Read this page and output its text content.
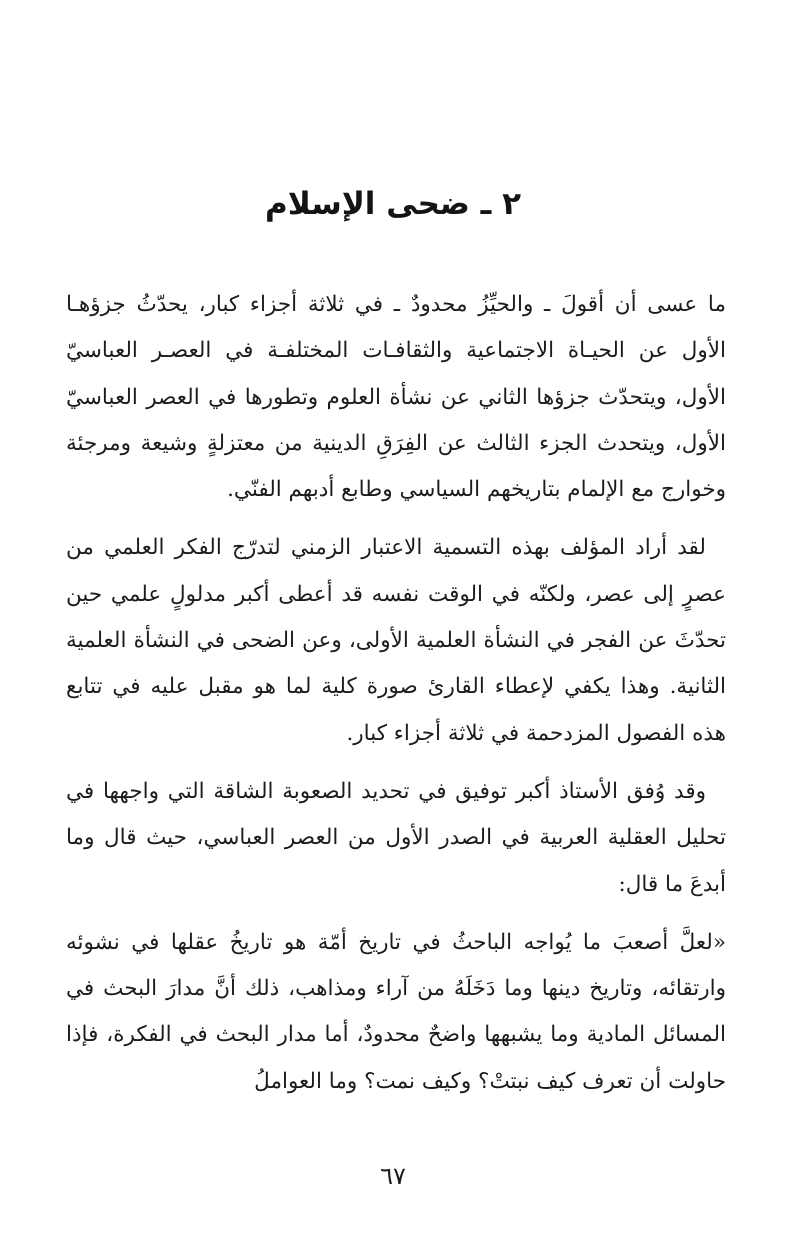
٢ ـ ضحى الإسلام

ما عسى أن أقولَ ـ والحيِّزُ محدودٌ ـ في ثلاثة أجزاء كبار، يحدّثُ جزؤهـا الأول عن الحيـاة الاجتماعية والثقافـات المختلفـة في العصـر العباسيّ الأول، ويتحدّث جزؤها الثاني عن نشأة العلوم وتطورها في العصر العباسيّ الأول، ويتحدث الجزء الثالث عن الفِرَقِ الدينية من معتزلةٍ وشيعة ومرجئة وخوارج مع الإلمام بتاريخهم السياسي وطابع أدبهم الفنّي.

لقد أراد المؤلف بهذه التسمية الاعتبار الزمني لتدرّج الفكر العلمي من عصرٍ إلى عصر، ولكنّه في الوقت نفسه قد أعطى أكبر مدلولٍ علمي حين تحدّثَ عن الفجر في النشأة العلمية الأولى، وعن الضحى في النشأة العلمية الثانية. وهذا يكفي لإعطاء القارئ صورة كلية لما هو مقبل عليه في تتابع هذه الفصول المزدحمة في ثلاثة أجزاء كبار.

وقد وُفق الأستاذ أكبر توفيق في تحديد الصعوبة الشاقة التي واجهها في تحليل العقلية العربية في الصدر الأول من العصر العباسي، حيث قال وما أبدعَ ما قال:

«لعلَّ أصعبَ ما يُواجه الباحثُ في تاريخ أمّة هو تاريخُ عقلها في نشوئه وارتقائه، وتاريخ دينها وما دَخَلَهُ من آراء ومذاهب، ذلك أنَّ مدارَ البحث في المسائل المادية وما يشبهها واضحٌ محدودٌ، أما مدار البحث في الفكرة، فإذا حاولت أن تعرف كيف نبتتْ؟ وكيف نمت؟ وما العواملُ

٦٧
